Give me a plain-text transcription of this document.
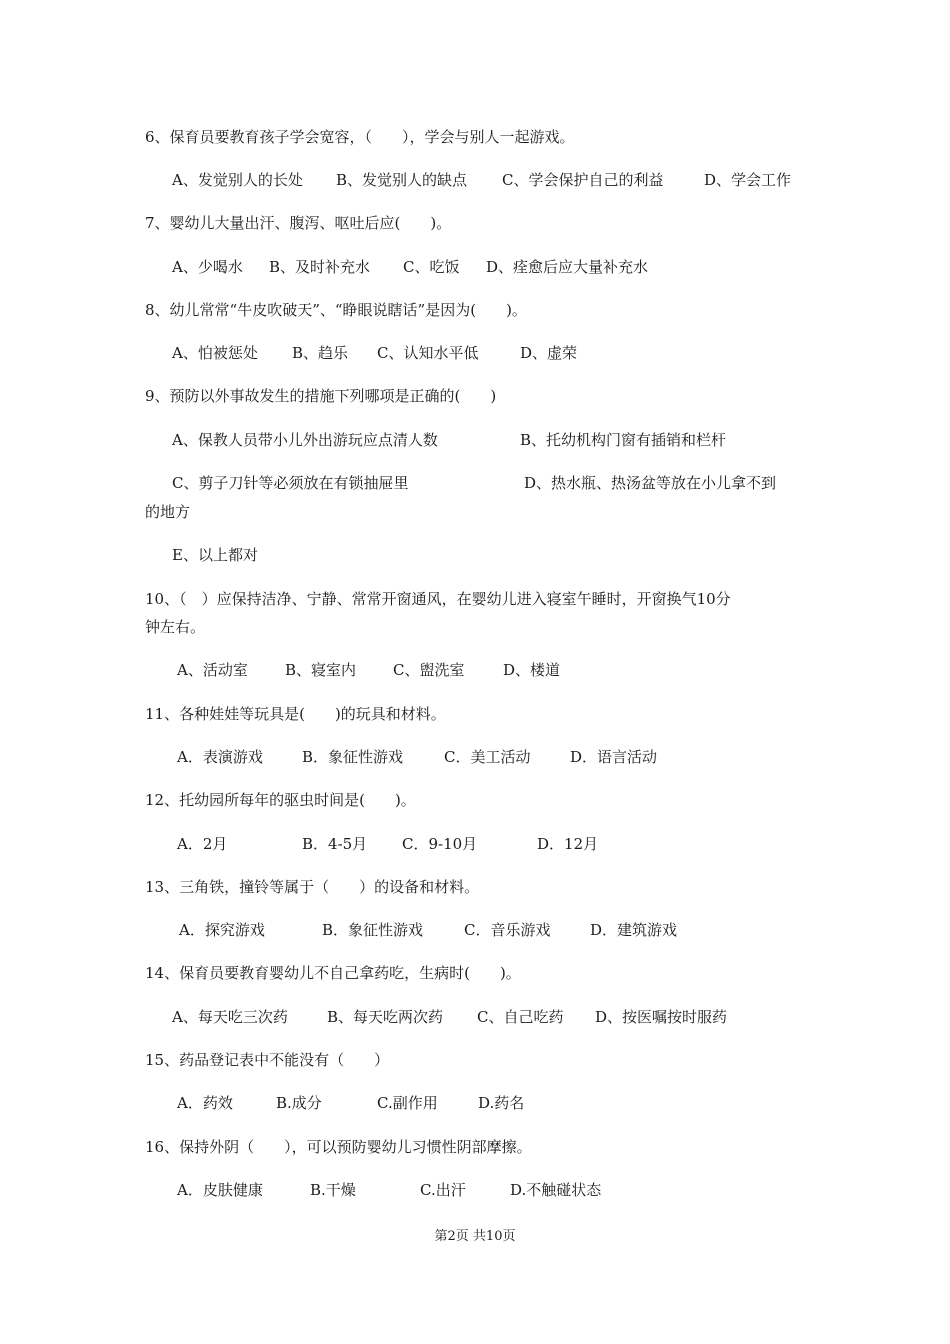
6、保育员要教育孩子学会宽容，（　　），学会与别人一起游戏。
A、发觉别人的长处 B、发觉别人的缺点 C、学会保护自己的利益	D、学会工作
7、婴幼儿大量出汗、腹泻、呕吐后应(　　)。
A、少喝水 B、及时补充水 C、吃饭 D、痊愈后应大量补充水
8、幼儿常常“牛皮吹破天”、“睁眼说瞎话”是因为(　　)。
A、怕被惩处 B、趋乐 C、认知水平低	D、虚荣
9、预防以外事故发生的措施下列哪项是正确的(　　)
A、保教人员带小儿外出游玩应点清人数	B、托幼机构门窗有插销和栏杆
C、剪子刀针等必须放在有锁抽屉里	D、热水瓶、热汤盆等放在小儿拿不到
的地方
E、以上都对
10、（　）应保持洁净、宁静、常常开窗通风，在婴幼儿进入寝室午睡时，开窗换气10分
钟左右。
A、活动室 B、寝室内 C、盥洗室	D、楼道
11、各种娃娃等玩具是(　　)的玩具和材料。
A．表演游戏	B．象征性游戏	C．美工活动	D．语言活动
12、托幼园所每年的驱虫时间是(　　)。
A．2月	B．4-5月 C．9-10月	D．12月
13、三角铁，撞铃等属于（　　）的设备和材料。
A．探究游戏	B．象征性游戏	C．音乐游戏	D．建筑游戏
14、保育员要教育婴幼儿不自己拿药吃，生病时(　　)。
A、每天吃三次药	B、每天吃两次药 C、自己吃药 D、按医嘱按时服药
15、药品登记表中不能没有（　　）
A．药效	B.成分	C.副作用	D.药名
16、保持外阴（　　），可以预防婴幼儿习惯性阴部摩擦。
A．皮肤健康	B.干燥	C.出汗	D.不触碰状态
第2页 共10页
